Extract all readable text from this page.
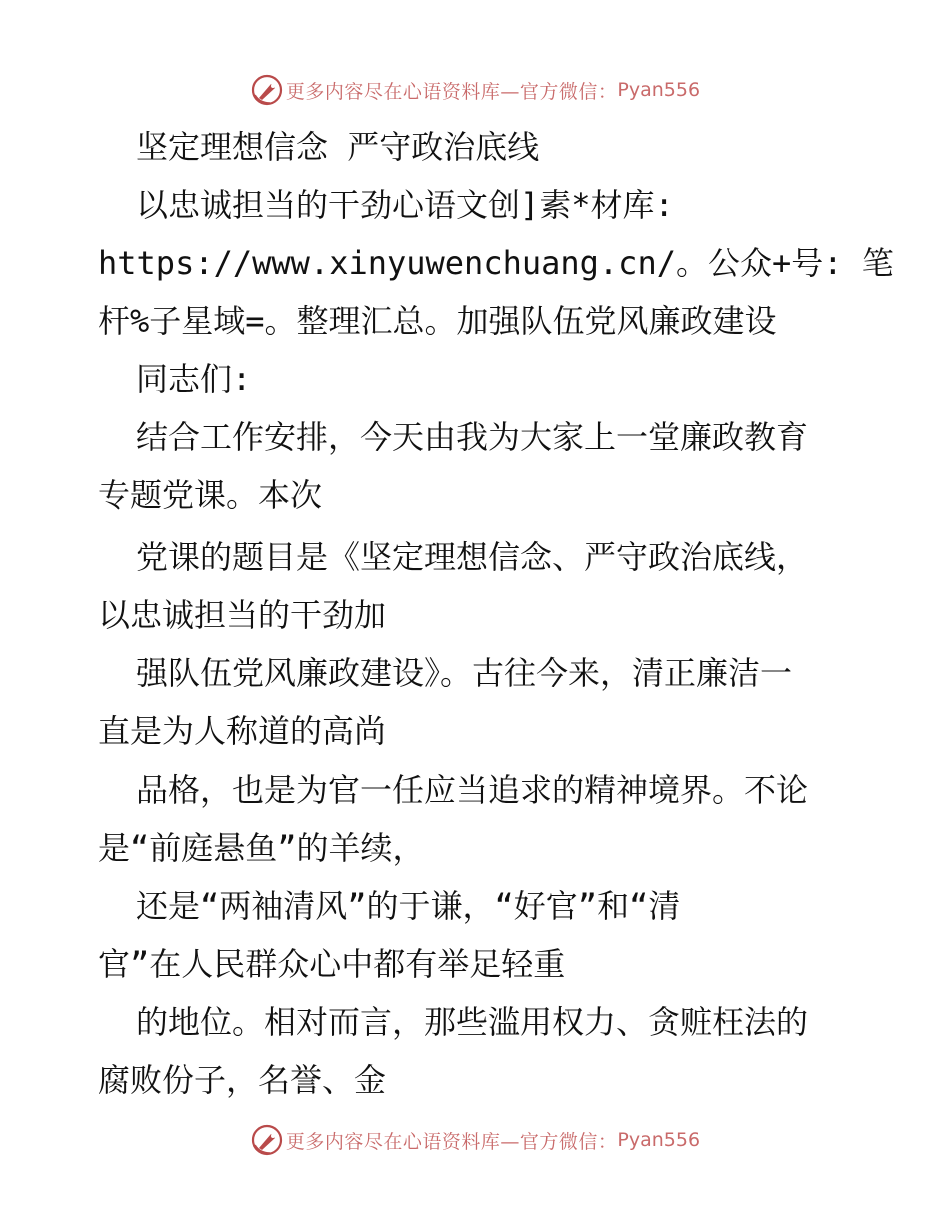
更多内容尽在心语资料库—官方微信： Pyan556
坚定理想信念 严守政治底线
以忠诚担当的干劲心语文创]素*材库:
https://www.xinyuwenchuang.cn/。公众+号: 笔
杆%子星域=。整理汇总。加强队伍党风廉政建设
同志们:
结合工作安排，今天由我为大家上一堂廉政教育
专题党课。本次
党课的题目是《坚定理想信念、严守政治底线，
以忠诚担当的干劲加
强队伍党风廉政建设》。古往今来，清正廉洁一
直是为人称道的高尚
品格，也是为官一任应当追求的精神境界。不论
是“前庭悬鱼”的羊续，
还是“两袖清风”的于谦，“好官”和“清
官”在人民群众心中都有举足轻重
的地位。相对而言，那些滥用权力、贪赃枉法的
腐败份子，名誉、金
更多内容尽在心语资料库—官方微信： Pyan556
